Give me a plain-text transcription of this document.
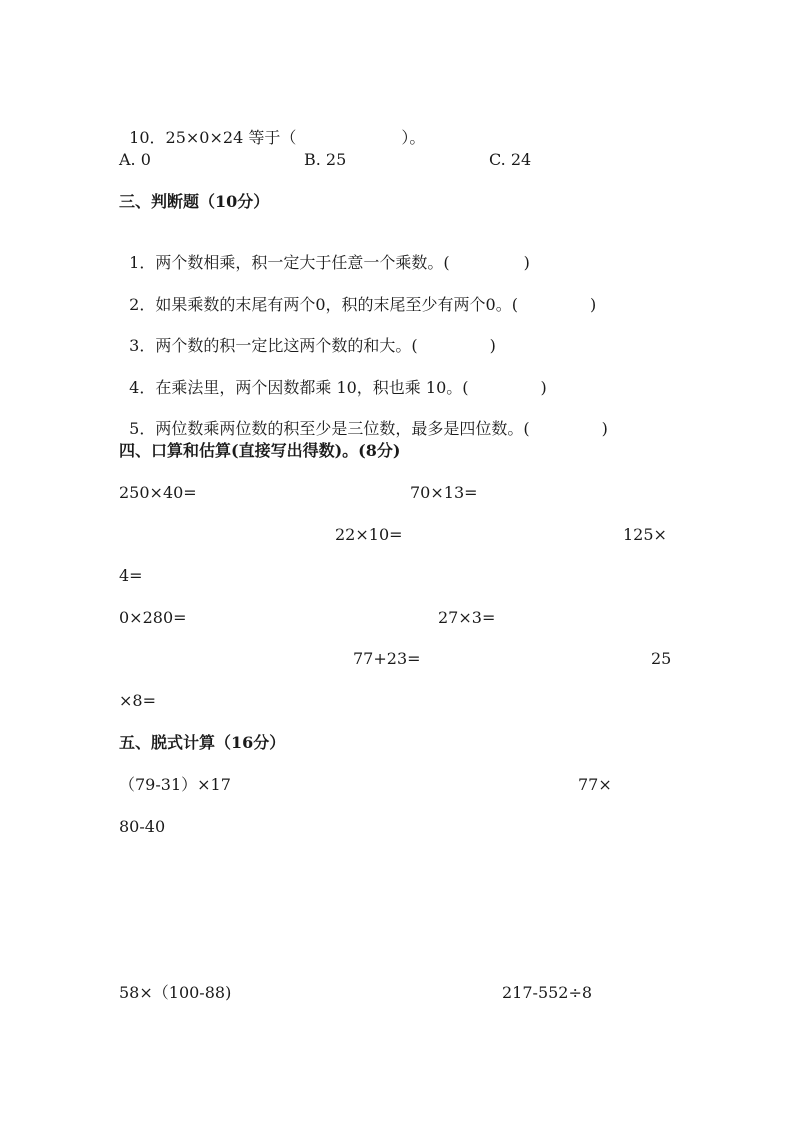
10．25×0×24 等于（	）。

A. 0	B. 25	C. 24
三、判断题（10分）

1．两个数相乘，积一定大于任意一个乘数。(	)

2．如果乘数的末尾有两个0，积的末尾至少有两个0。(	)

3．两个数的积一定比这两个数的和大。(	)

4．在乘法里，两个因数都乘 10，积也乘 10。(	)

5．两位数乘两位数的积至少是三位数，最多是四位数。(	)

四、口算和估算(直接写出得数)。(8分)
250×40=	70×13=
22×10=	125×
4=
0×280=	27×3=
77+23=	25
×8=
五、脱式计算（16分）
（79-31）×17	77×
80-40
58×（100-88)	217-552÷8
